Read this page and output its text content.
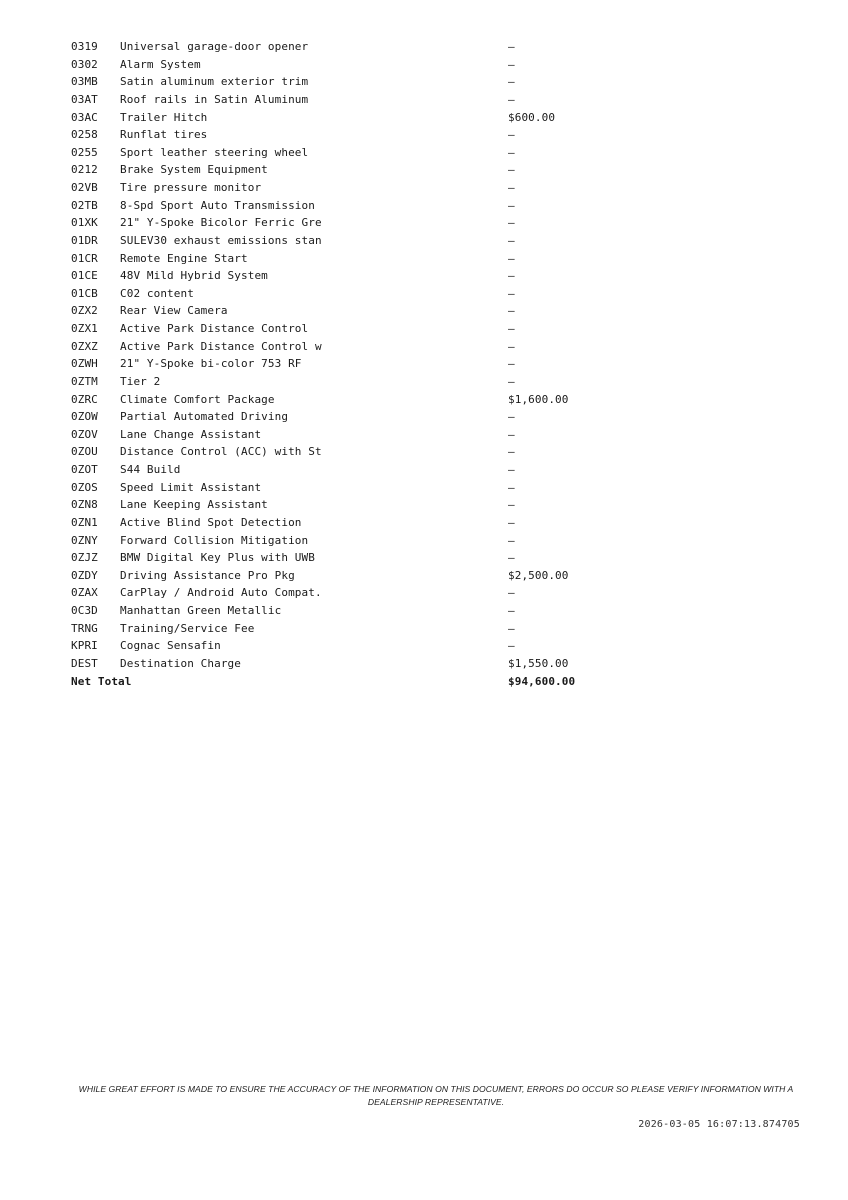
0319	Universal garage-door opener	—
0302	Alarm System	—
03MB	Satin aluminum exterior trim	—
03AT	Roof rails in Satin Aluminum	—
03AC	Trailer Hitch	$600.00
0258	Runflat tires	—
0255	Sport leather steering wheel	—
0212	Brake System Equipment	—
02VB	Tire pressure monitor	—
02TB	8-Spd Sport Auto Transmission	—
01XK	21" Y-Spoke Bicolor Ferric Gre	—
01DR	SULEV30 exhaust emissions stan	—
01CR	Remote Engine Start	—
01CE	48V Mild Hybrid System	—
01CB	C02 content	—
0ZX2	Rear View Camera	—
0ZX1	Active Park Distance Control	—
0ZXZ	Active Park Distance Control w	—
0ZWH	21" Y-Spoke bi-color 753 RF	—
0ZTM	Tier 2	—
0ZRC	Climate Comfort Package	$1,600.00
0ZOW	Partial Automated Driving	—
0ZOV	Lane Change Assistant	—
0ZOU	Distance Control (ACC) with St	—
0ZOT	S44 Build	—
0ZOS	Speed Limit Assistant	—
0ZN8	Lane Keeping Assistant	—
0ZN1	Active Blind Spot Detection	—
0ZNY	Forward Collision Mitigation	—
0ZJZ	BMW Digital Key Plus with UWB	—
0ZDY	Driving Assistance Pro Pkg	$2,500.00
0ZAX	CarPlay / Android Auto Compat.	—
0C3D	Manhattan Green Metallic	—
TRNG	Training/Service Fee	—
KPRI	Cognac Sensafin	—
DEST	Destination Charge	$1,550.00
Net Total		$94,600.00
WHILE GREAT EFFORT IS MADE TO ENSURE THE ACCURACY OF THE INFORMATION ON THIS DOCUMENT, ERRORS DO OCCUR SO PLEASE VERIFY INFORMATION WITH A DEALERSHIP REPRESENTATIVE.
2026-03-05 16:07:13.874705
